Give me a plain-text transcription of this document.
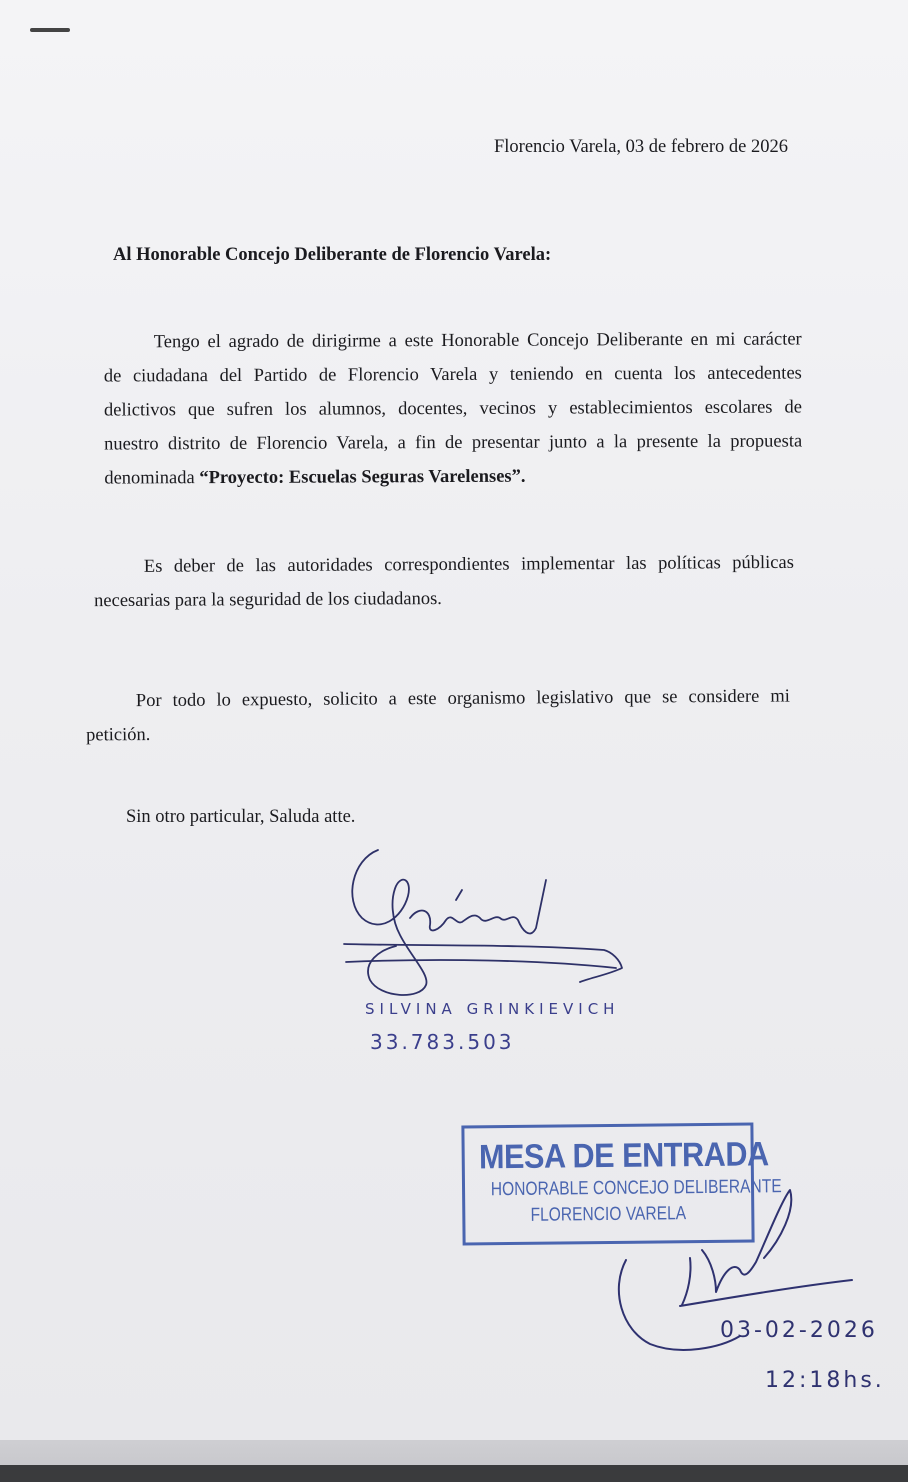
Florencio Varela, 03 de febrero de 2026
Al Honorable Concejo Deliberante de Florencio Varela:
Tengo el agrado de dirigirme a este Honorable Concejo Deliberante en mi carácter
de ciudadana del Partido de Florencio Varela y teniendo en cuenta los antecedentes
delictivos que sufren los alumnos, docentes, vecinos y establecimientos escolares de
nuestro distrito de Florencio Varela, a fin de presentar junto a la presente la propuesta
denominada “Proyecto: Escuelas Seguras Varelenses”.
Es deber de las autoridades correspondientes implementar las políticas públicas
necesarias para la seguridad de los ciudadanos.
Por todo lo expuesto, solicito a este organismo legislativo que se considere mi
petición.
Sin otro particular, Saluda atte.
SILVINA GRINKIEVICH
33.783.503
MESA DE ENTRADA
HONORABLE CONCEJO DELIBERANTE
FLORENCIO VARELA
03-02-2026
12:18hs.
